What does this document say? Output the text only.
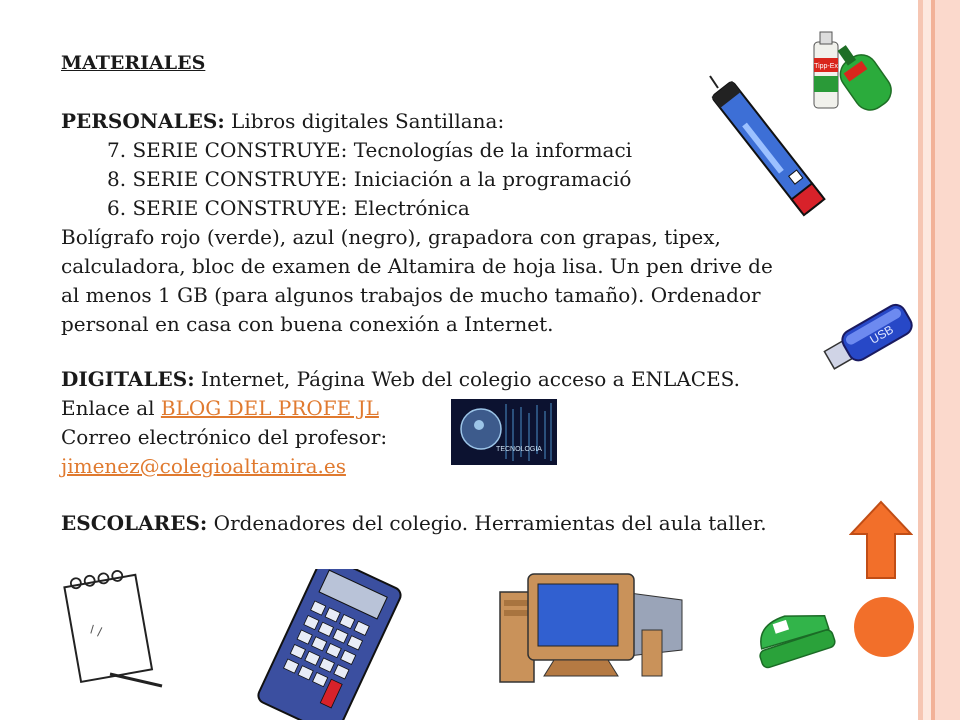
MATERIALES
PERSONALES: Libros digitales Santillana:
7. SERIE CONSTRUYE: Tecnologías de la informaci
8. SERIE CONSTRUYE: Iniciación a la programació
6. SERIE CONSTRUYE: Electrónica
Bolígrafo rojo (verde), azul (negro), grapadora con grapas, tipex,
calculadora, bloc de examen de Altamira de hoja lisa. Un pen drive de
al menos 1 GB (para algunos trabajos de mucho tamaño). Ordenador
personal en casa con buena conexión a Internet.
DIGITALES: Internet, Página Web del colegio acceso a ENLACES.
Enlace al BLOG DEL PROFE JL
Correo electrónico del profesor:
jimenez@colegioaltamira.es
ESCOLARES: Ordenadores del colegio. Herramientas del aula taller.
Tipp-Ex
USB
TECNOLOGIA
